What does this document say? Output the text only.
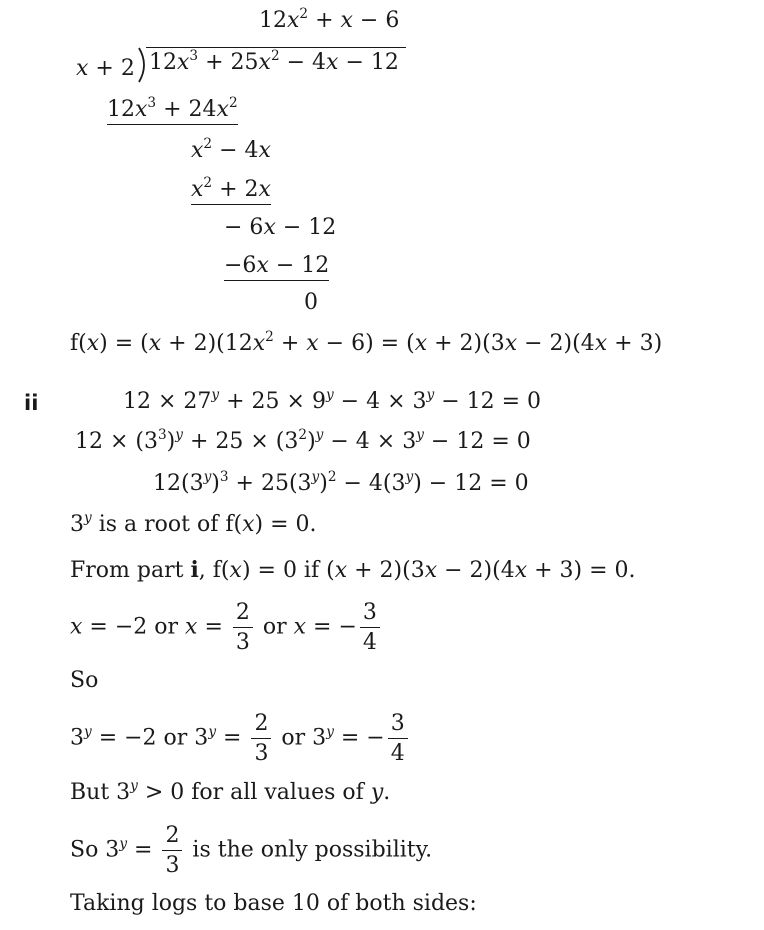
$12x^2 + x - 6$
x + 2 $12x^3 + 25x^2 - 4x - 12$
$12x^3 + 24x^2$
$x^2 - 4x$
$x^2 + 2x$
− 6x − 12
−6x − 12
0
$f(x) = (x + 2)(12x^2 + x - 6) = (x + 2)(3x - 2)(4x + 3)$
ii	$12 \times 27^y + 25 \times 9^y - 4 \times 3^y - 12 = 0$
$12 \times (3^3)^y + 25 \times (3^2)^y - 4 \times 3^y - 12 = 0$
$12(3^y)^3 + 25(3^y)^2 - 4(3^y) - 12 = 0$
3$^y$ is a root of f(x) = 0.
From part i, f(x) = 0 if (x + 2)(3x − 2)(4x + 3) = 0.
x = −2 or $x = \frac{2}{3}$ or x = − $\frac{3}{4}$
So
$3^y = -2$ or $3^y = \frac{2}{3}$ or $3^y$ = − $\frac{3}{4}$
But $3^y > 0$ for all values of y.
So $3^y = \frac{2}{3}$ is the only possibility.
Taking logs to base 10 of both sides:
